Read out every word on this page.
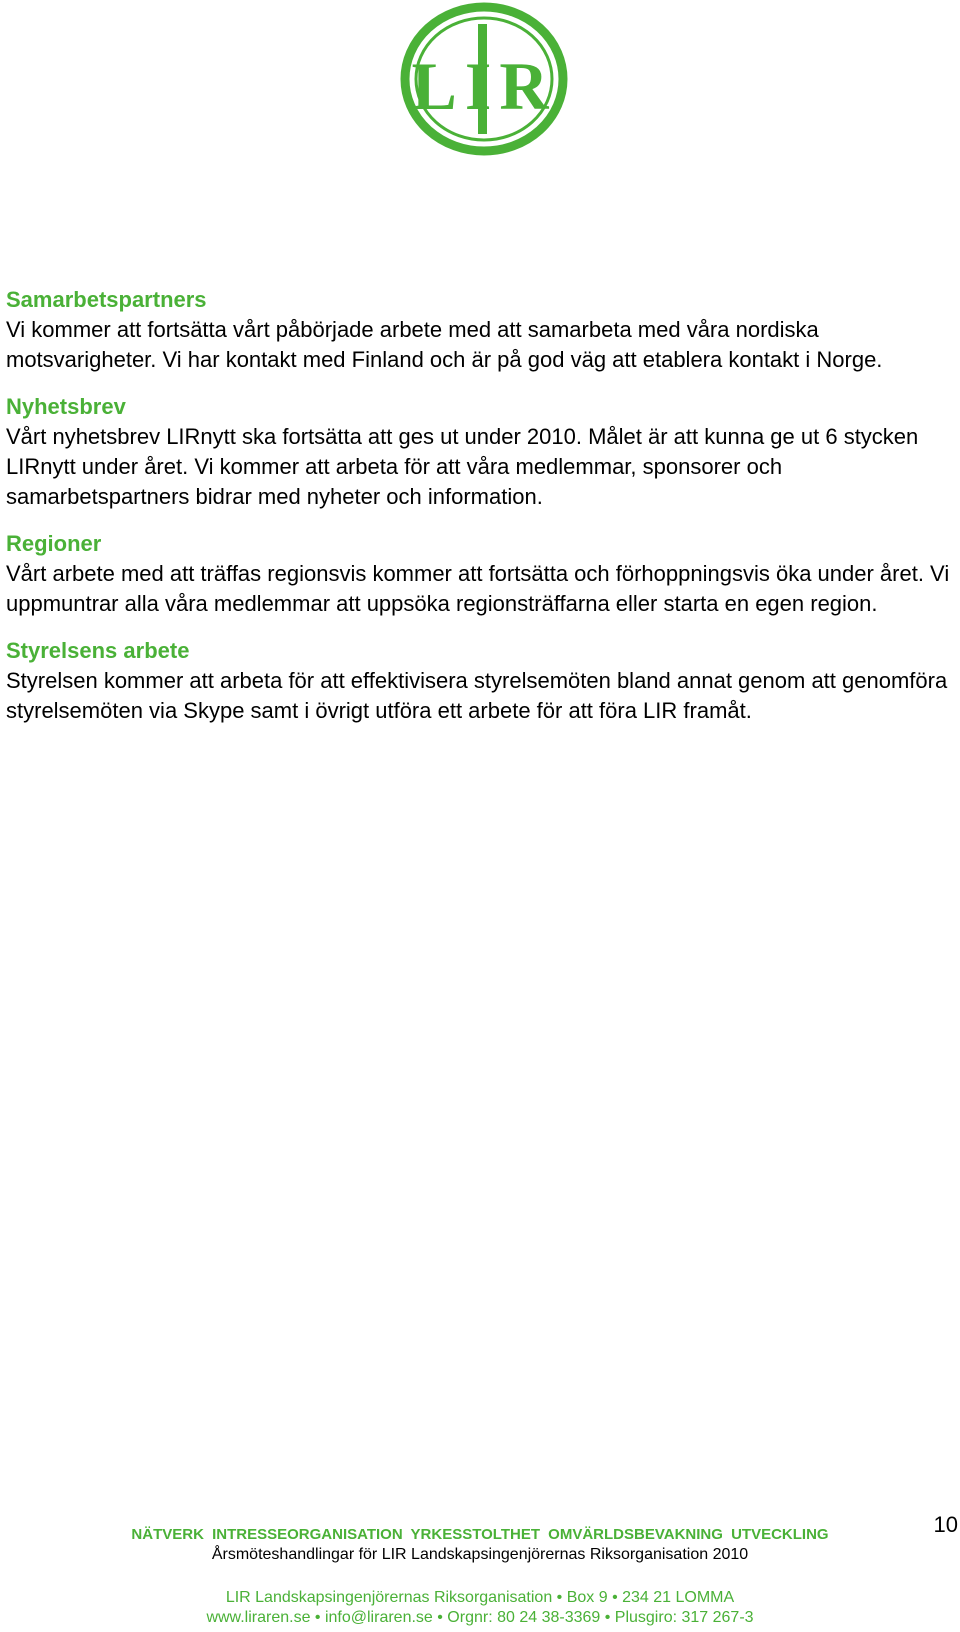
LIR

Samarbetspartners

Vi kommer att fortsätta vårt påbörjade arbete med att samarbeta med våra nordiska motsvarigheter. Vi har kontakt med Finland och är på god väg att etablera kontakt i Norge.

Nyhetsbrev

Vårt nyhetsbrev LIRnytt ska fortsätta att ges ut under 2010. Målet är att kunna ge ut 6 stycken LIRnytt under året. Vi kommer att arbeta för att våra medlemmar, sponsorer och samarbetspartners bidrar med nyheter och information.

Regioner

Vårt arbete med att träffas regionsvis kommer att fortsätta och förhoppningsvis öka under året. Vi uppmuntrar alla våra medlemmar att uppsöka regionsträffarna eller starta en egen region.

Styrelsens arbete

Styrelsen kommer att arbeta för att effektivisera styrelsemöten bland annat genom att genomföra styrelsemöten via Skype samt i övrigt utföra ett arbete för att föra LIR framåt.

10

NÄTVERK INTRESSEORGANISATION YRKESSTOLTHET OMVÄRLDSBEVAKNING UTVECKLING

Årsmöteshandlingar för LIR Landskapsingenjörernas Riksorganisation 2010

LIR Landskapsingenjörernas Riksorganisation • Box 9 • 234 21 LOMMA

www.liraren.se • info@liraren.se • Orgnr: 80 24 38-3369 • Plusgiro: 317 267-3
